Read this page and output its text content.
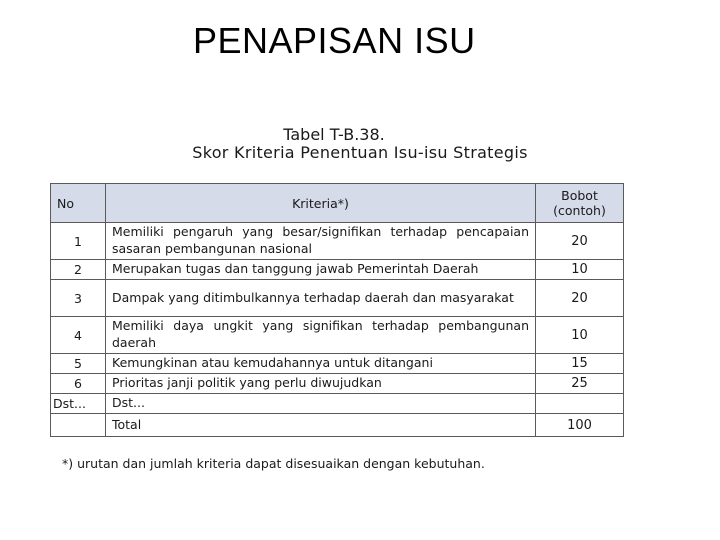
PENAPISAN ISU
Tabel T-B.38.
Skor Kriteria Penentuan Isu-isu Strategis
No	Kriteria*)	Bobot
(contoh)
1	Memiliki pengaruh yang besar/signifikan terhadap pencapaian sasaran pembangunan nasional	20
2	Merupakan tugas dan tanggung jawab Pemerintah Daerah	10
3	Dampak yang ditimbulkannya terhadap daerah dan masyarakat	20
4	Memiliki daya ungkit yang signifikan terhadap pembangunan daerah	10
5	Kemungkinan atau kemudahannya untuk ditangani	15
6	Prioritas janji politik yang perlu diwujudkan	25
Dst...	Dst...	
	Total	100
*) urutan dan jumlah kriteria dapat disesuaikan dengan kebutuhan.
